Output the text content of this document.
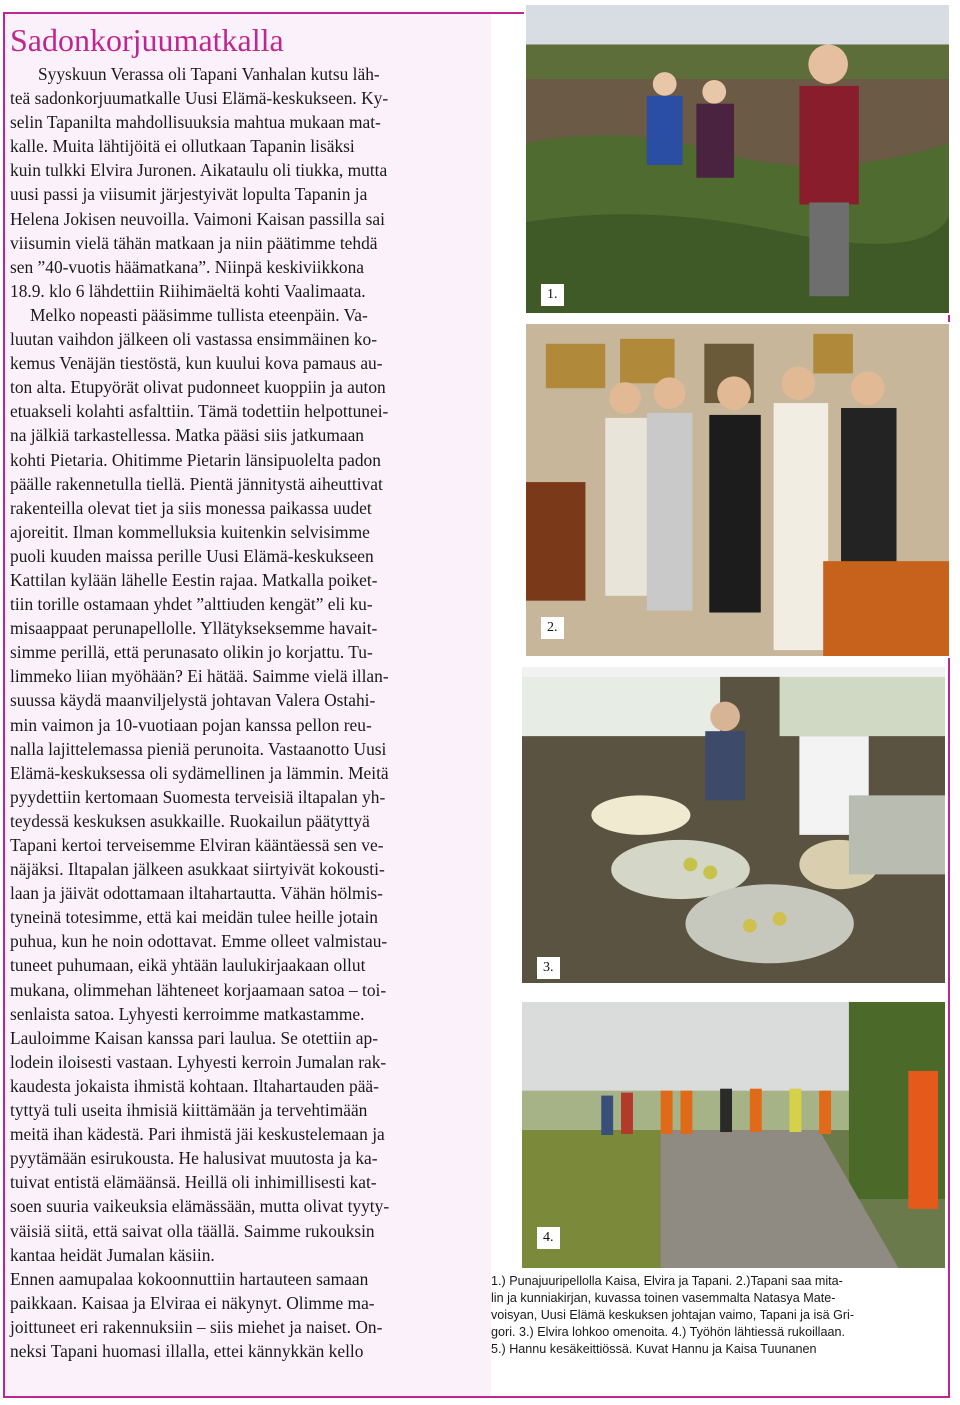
Sadonkorjuumatkalla
Syyskuun Verassa oli Tapani Vanhalan kutsu läh-
teä sadonkorjuumatkalle Uusi Elämä-keskukseen. Ky-
selin Tapanilta mahdollisuuksia mahtua mukaan mat-
kalle. Muita lähtijöitä ei ollutkaan Tapanin lisäksi
kuin tulkki Elvira Juronen. Aikataulu oli tiukka, mutta
uusi passi ja viisumit järjestyivät lopulta Tapanin ja
Helena Jokisen neuvoilla. Vaimoni Kaisan passilla sai
viisumin vielä tähän matkaan ja niin päätimme tehdä
sen ”40-vuotis häämatkana”. Niinpä keskiviikkona
18.9. klo 6 lähdettiin Riihimäeltä kohti Vaalimaata.
Melko nopeasti pääsimme tullista eteenpäin. Va-
luutan vaihdon jälkeen oli vastassa ensimmäinen ko-
kemus Venäjän tiestöstä, kun kuului kova pamaus au-
ton alta. Etupyörät olivat pudonneet kuoppiin ja auton
etuakseli kolahti asfalttiin. Tämä todettiin helpottunei-
na jälkiä tarkastellessa. Matka pääsi siis jatkumaan
kohti Pietaria. Ohitimme Pietarin länsipuolelta padon
päälle rakennetulla tiellä. Pientä jännitystä aiheuttivat
rakenteilla olevat tiet ja siis monessa paikassa uudet
ajoreitit. Ilman kommelluksia kuitenkin selvisimme
puoli kuuden maissa perille Uusi Elämä-keskukseen
Kattilan kylään lähelle Eestin rajaa. Matkalla poiket-
tiin torille ostamaan yhdet ”alttiuden kengät” eli ku-
misaappaat perunapellolle. Yllätykseksemme havait-
simme perillä, että perunasato olikin jo korjattu. Tu-
limmeko liian myöhään? Ei hätää. Saimme vielä illan-
suussa käydä maanviljelystä johtavan Valera Ostahi-
min vaimon ja 10-vuotiaan pojan kanssa pellon reu-
nalla lajittelemassa pieniä perunoita. Vastaanotto Uusi
Elämä-keskuksessa oli sydämellinen ja lämmin. Meitä
pyydettiin kertomaan Suomesta terveisiä iltapalan yh-
teydessä keskuksen asukkaille. Ruokailun päätyttyä
Tapani kertoi terveisemme Elviran kääntäessä sen ve-
näjäksi. Iltapalan jälkeen asukkaat siirtyivät kokousti-
laan ja jäivät odottamaan iltahartautta. Vähän hölmis-
tyneinä totesimme, että kai meidän tulee heille jotain
puhua, kun he noin odottavat. Emme olleet valmistau-
tuneet puhumaan, eikä yhtään laulukirjaakaan ollut
mukana, olimmehan lähteneet korjaamaan satoa – toi-
senlaista satoa. Lyhyesti kerroimme matkastamme.
Lauloimme Kaisan kanssa pari laulua. Se otettiin ap-
lodein iloisesti vastaan. Lyhyesti kerroin Jumalan rak-
kaudesta jokaista ihmistä kohtaan. Iltahartauden pää-
tyttyä tuli useita ihmisiä kiittämään ja tervehtimään
meitä ihan kädestä. Pari ihmistä jäi keskustelemaan ja
pyytämään esirukousta. He halusivat muutosta ja ka-
tuivat entistä elämäänsä. Heillä oli inhimillisesti kat-
soen suuria vaikeuksia elämässään, mutta olivat tyyty-
väisiä siitä, että saivat olla täällä. Saimme rukouksin
kantaa heidät Jumalan käsiin.
Ennen aamupalaa kokoonnuttiin hartauteen samaan
paikkaan. Kaisaa ja Elviraa ei näkynyt. Olimme ma-
joittuneet eri rakennuksiin – siis miehet ja naiset. On-
neksi Tapani huomasi illalla, ettei kännykkän kello
1.
2.
3.
4.
1.) Punajuuripellolla Kaisa, Elvira ja Tapani. 2.)Tapani saa mita-
lin ja kunniakirjan, kuvassa toinen vasemmalta Natasya Mate-
voisyan, Uusi Elämä keskuksen johtajan vaimo, Tapani ja isä Gri-
gori. 3.) Elvira lohkoo omenoita. 4.) Työhön lähtiessä rukoillaan.
5.) Hannu kesäkeittiössä. Kuvat Hannu ja Kaisa Tuunanen
